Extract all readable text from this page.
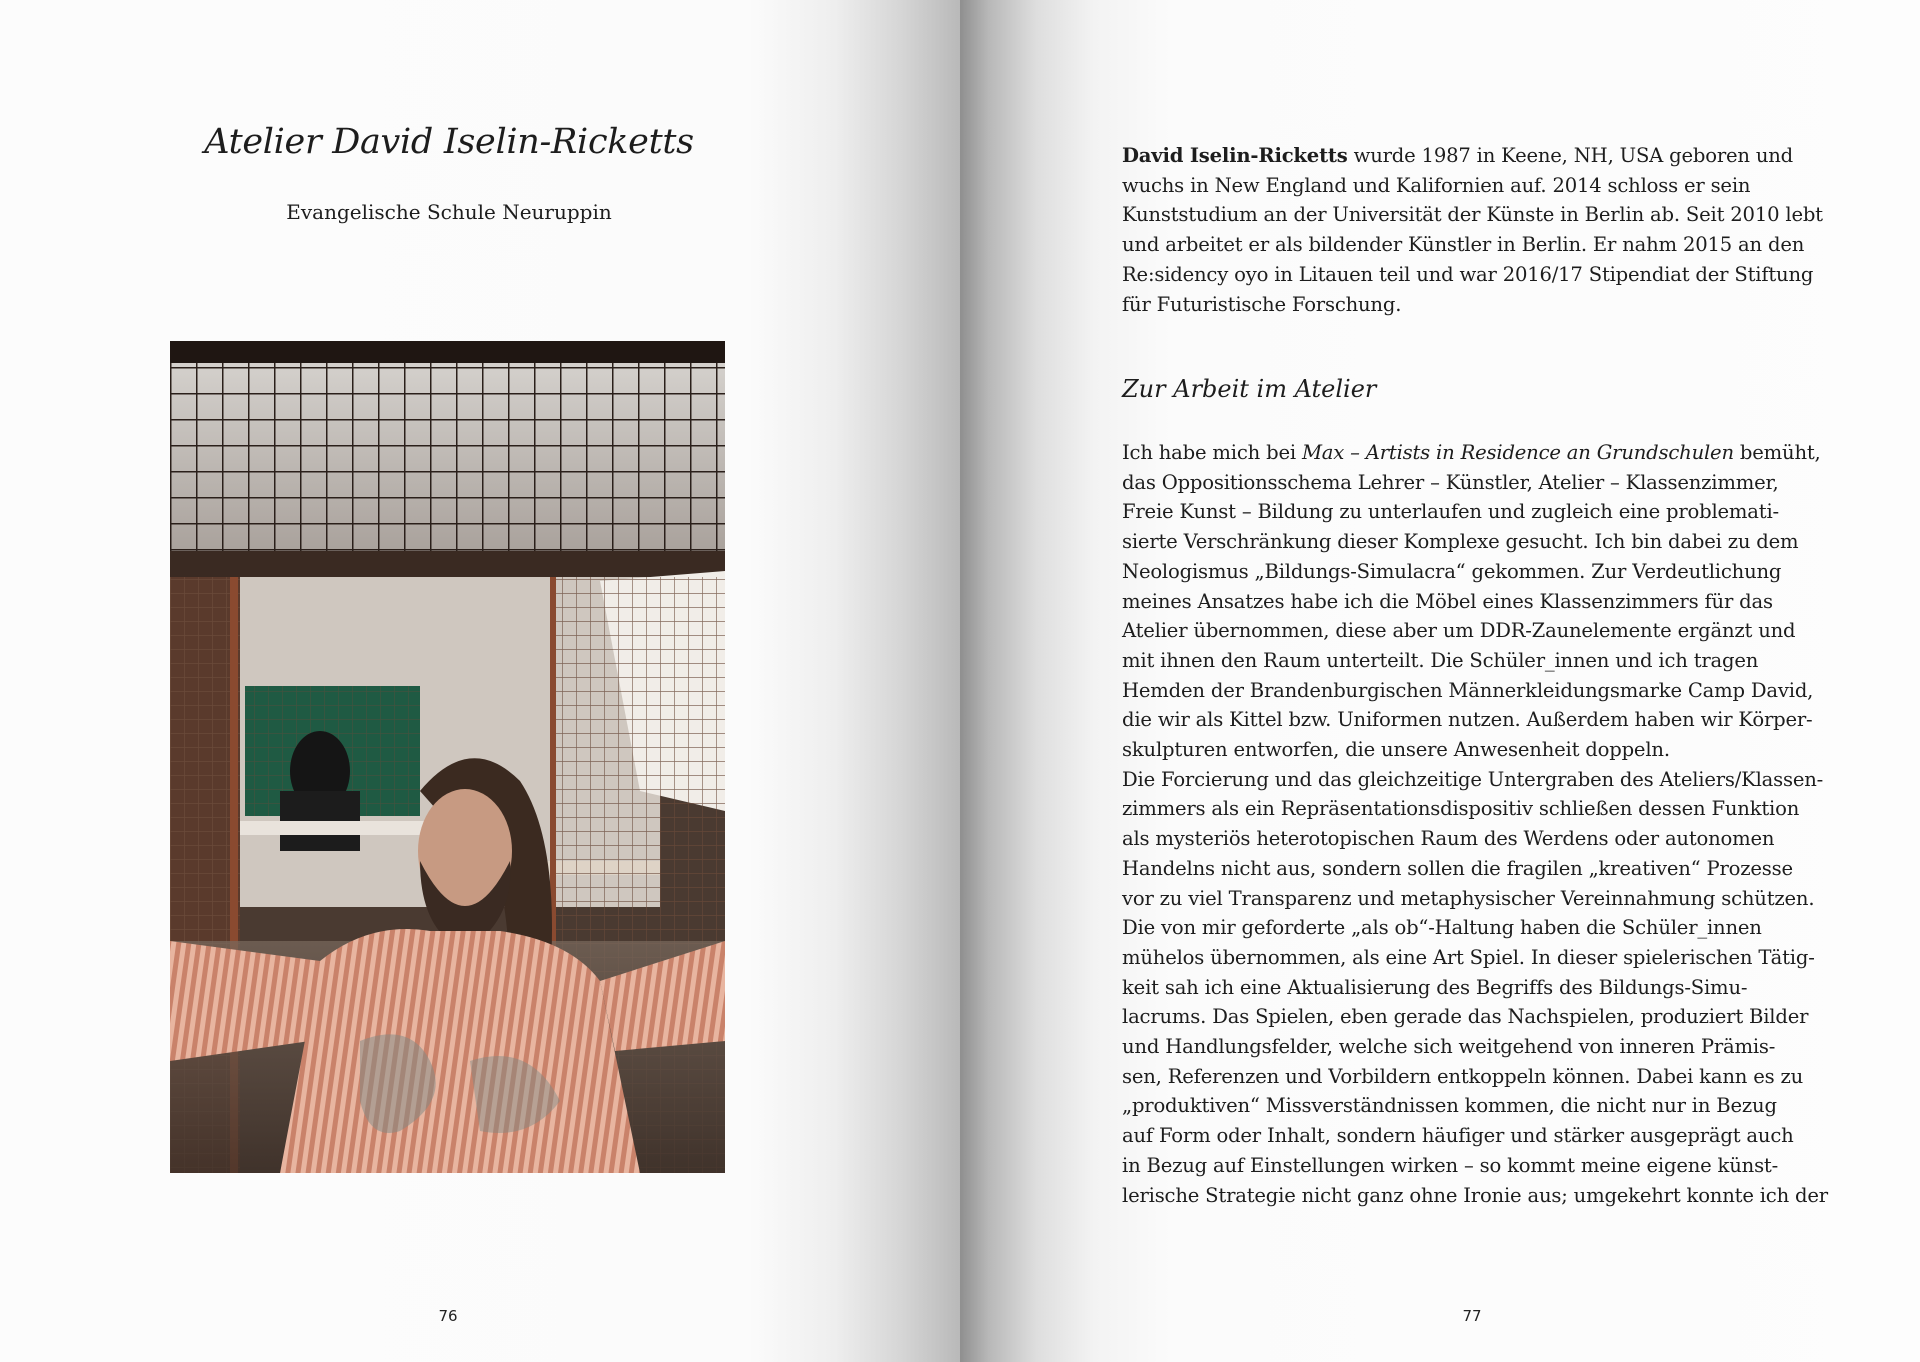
Atelier David Iselin-Ricketts

Evangelische Schule Neuruppin

76

David Iselin-Ricketts wurde 1987 in Keene, NH, USA geboren und
wuchs in New England und Kalifornien auf. 2014 schloss er sein
Kunststudium an der Universität der Künste in Berlin ab. Seit 2010 lebt
und arbeitet er als bildender Künstler in Berlin. Er nahm 2015 an den
Re:sidency oyo in Litauen teil und war 2016/17 Stipendiat der Stiftung
für Futuristische Forschung.

Zur Arbeit im Atelier

Ich habe mich bei Max – Artists in Residence an Grundschulen bemüht,
das Oppositionsschema Lehrer – Künstler, Atelier – Klassenzimmer,
Freie Kunst – Bildung zu unterlaufen und zugleich eine problemati-
sierte Verschränkung dieser Komplexe gesucht. Ich bin dabei zu dem
Neologismus „Bildungs-Simulacra“ gekommen. Zur Verdeutlichung
meines Ansatzes habe ich die Möbel eines Klassenzimmers für das
Atelier übernommen, diese aber um DDR-Zaunelemente ergänzt und
mit ihnen den Raum unterteilt. Die Schüler_innen und ich tragen
Hemden der Brandenburgischen Männerkleidungsmarke Camp David,
die wir als Kittel bzw. Uniformen nutzen. Außerdem haben wir Körper-
skulpturen entworfen, die unsere Anwesenheit doppeln.
Die Forcierung und das gleichzeitige Untergraben des Ateliers/Klassen-
zimmers als ein Repräsentationsdispositiv schließen dessen Funktion
als mysteriös heterotopischen Raum des Werdens oder autonomen
Handelns nicht aus, sondern sollen die fragilen „kreativen“ Prozesse
vor zu viel Transparenz und metaphysischer Vereinnahmung schützen.
Die von mir geforderte „als ob“-Haltung haben die Schüler_innen
mühelos übernommen, als eine Art Spiel. In dieser spielerischen Tätig-
keit sah ich eine Aktualisierung des Begriffs des Bildungs-Simu-
lacrums. Das Spielen, eben gerade das Nachspielen, produziert Bilder
und Handlungsfelder, welche sich weitgehend von inneren Prämis-
sen, Referenzen und Vorbildern entkoppeln können. Dabei kann es zu
„produktiven“ Missverständnissen kommen, die nicht nur in Bezug
auf Form oder Inhalt, sondern häufiger und stärker ausgeprägt auch
in Bezug auf Einstellungen wirken – so kommt meine eigene künst-
lerische Strategie nicht ganz ohne Ironie aus; umgekehrt konnte ich der

77
